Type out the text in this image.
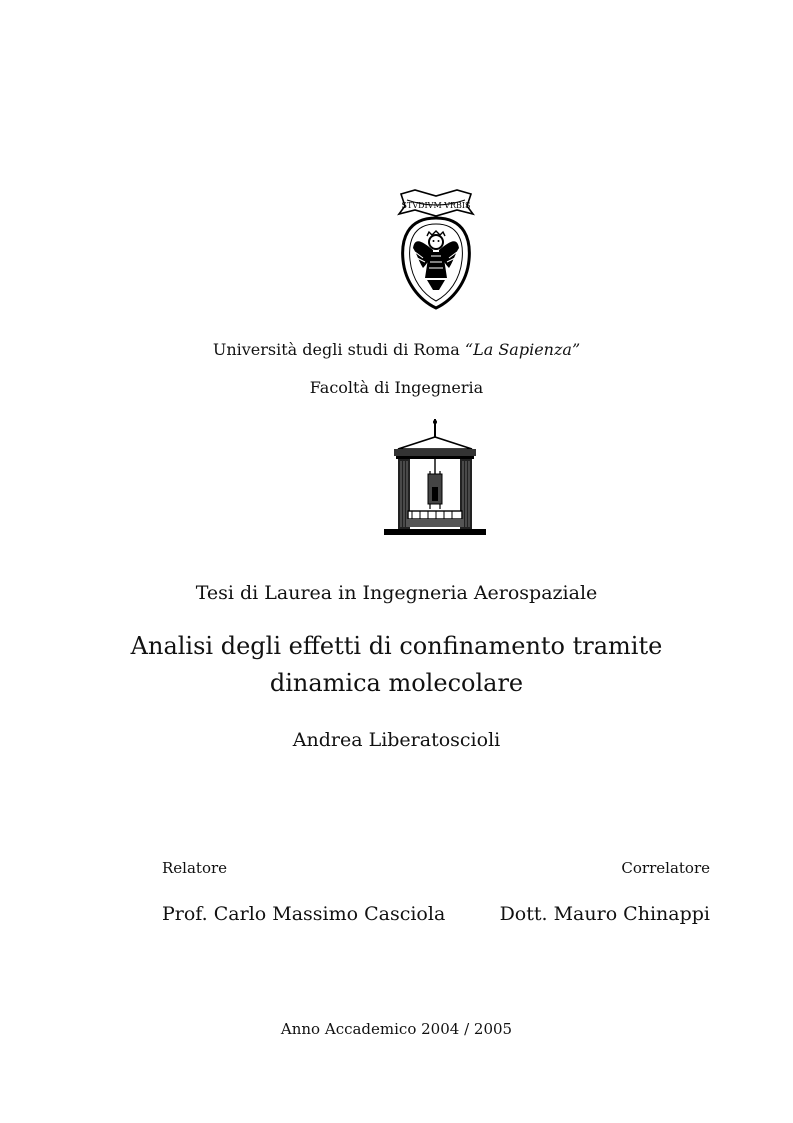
STVDIVM VRBIS
Università degli studi di Roma “La Sapienza”
Facoltà di Ingegneria
Tesi di Laurea in Ingegneria Aerospaziale
Analisi degli effetti di confinamento tramite
dinamica molecolare
Andrea Liberatoscioli
Relatore	Correlatore
Prof. Carlo Massimo Casciola	Dott. Mauro Chinappi
Anno Accademico 2004 / 2005
